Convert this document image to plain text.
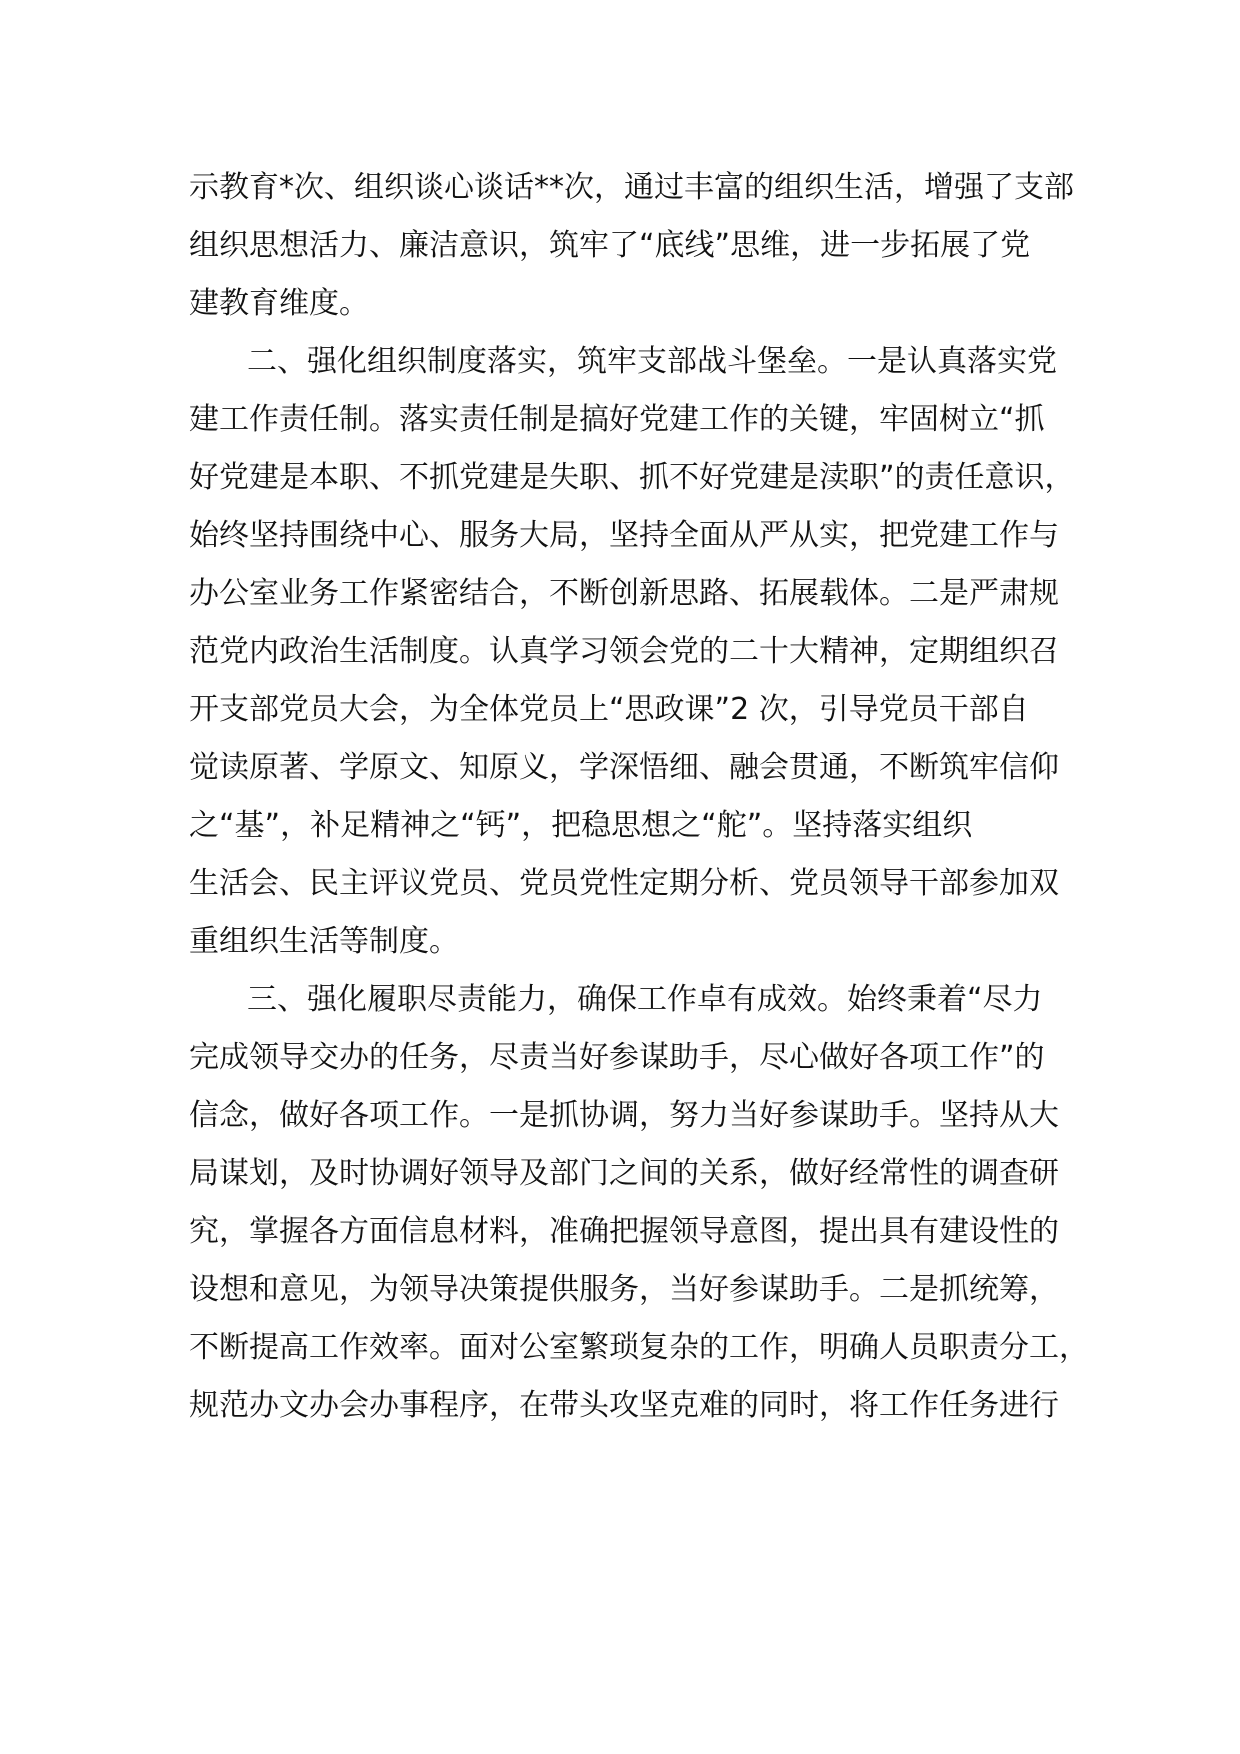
示教育*次、组织谈心谈话**次，通过丰富的组织生活，增强了支部
组织思想活力、廉洁意识，筑牢了“底线”思维，进一步拓展了党
建教育维度。
二、强化组织制度落实，筑牢支部战斗堡垒。一是认真落实党
建工作责任制。落实责任制是搞好党建工作的关键，牢固树立“抓
好党建是本职、不抓党建是失职、抓不好党建是渎职”的责任意识，
始终坚持围绕中心、服务大局，坚持全面从严从实，把党建工作与
办公室业务工作紧密结合，不断创新思路、拓展载体。二是严肃规
范党内政治生活制度。认真学习领会党的二十大精神，定期组织召
开支部党员大会，为全体党员上“思政课”2 次，引导党员干部自
觉读原著、学原文、知原义，学深悟细、融会贯通，不断筑牢信仰
之“基”，补足精神之“钙”，把稳思想之“舵”。坚持落实组织
生活会、民主评议党员、党员党性定期分析、党员领导干部参加双
重组织生活等制度。
三、强化履职尽责能力，确保工作卓有成效。始终秉着“尽力
完成领导交办的任务，尽责当好参谋助手，尽心做好各项工作”的
信念，做好各项工作。一是抓协调，努力当好参谋助手。坚持从大
局谋划，及时协调好领导及部门之间的关系，做好经常性的调查研
究，掌握各方面信息材料，准确把握领导意图，提出具有建设性的
设想和意见，为领导决策提供服务，当好参谋助手。二是抓统筹，
不断提高工作效率。面对公室繁琐复杂的工作，明确人员职责分工，
规范办文办会办事程序，在带头攻坚克难的同时，将工作任务进行
